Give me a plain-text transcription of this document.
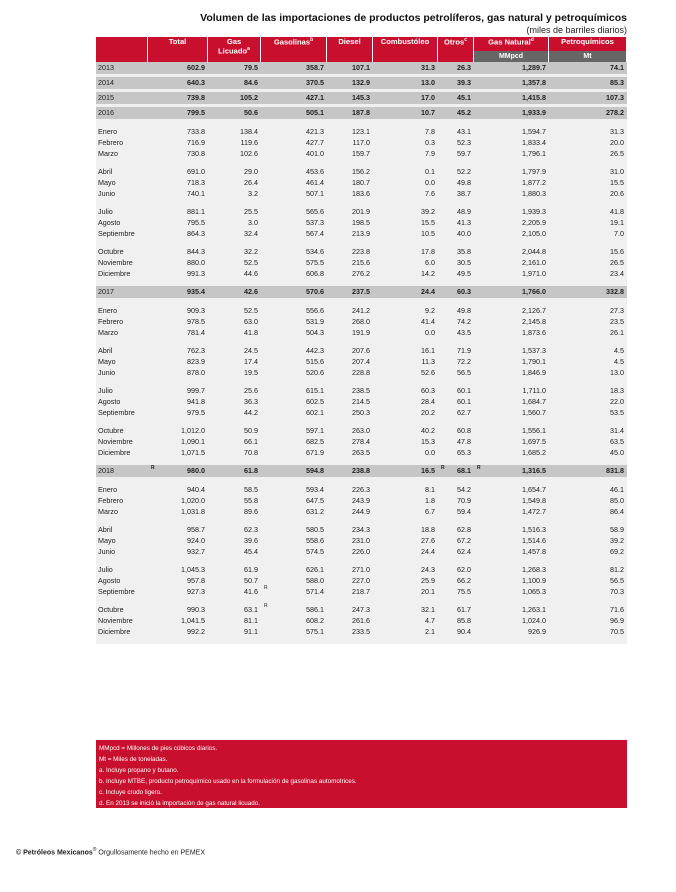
Volumen de las importaciones de productos petrolíferos, gas natural y petroquímicos
(miles de barriles diarios)
	Total	Gas Licuado$^a$	Gasolinas$^b$	Diesel	Combustóleo	Otros$^c$	Gas Natural$^d$	Petroquímicos
							MMpcd	Mt
2013	602.9	79.5	358.7	107.1	31.3	26.3	1,289.7	74.1

2014	640.3	84.6	370.5	132.9	13.0	39.3	1,357.8	85.3

2015	739.8	105.2	427.1	145.3	17.0	45.1	1,415.8	107.3

2016	799.5	50.6	505.1	187.8	10.7	45.2	1,933.9	278.2

Enero	733.8	138.4	421.3	123.1	7.8	43.1	1,594.7	31.3
Febrero	716.9	119.6	427.7	117.0	0.3	52.3	1,833.4	20.0
Marzo	730.8	102.6	401.0	159.7	7.9	59.7	1,796.1	26.5

Abril	691.0	29.0	453.6	156.2	0.1	52.2	1,797.9	31.0
Mayo	718.3	26.4	461.4	180.7	0.0	49.8	1,877.2	15.5
Junio	740.1	3.2	507.1	183.6	7.6	38.7	1,880.3	20.6

Julio	881.1	25.5	565.6	201.9	39.2	48.9	1,939.3	41.8
Agosto	795.5	3.0	537.3	198.5	15.5	41.3	2,205.9	19.1
Septiembre	864.3	32.4	567.4	213.9	10.5	40.0	2,105.0	7.0

Octubre	844.3	32.2	534.6	223.8	17.8	35.8	2,044.8	15.6
Noviembre	880.0	52.5	575.5	215.6	6.0	30.5	2,161.0	26.5
Diciembre	991.3	44.6	606.8	276.2	14.2	49.5	1,971.0	23.4

2017	935.4	42.6	570.6	237.5	24.4	60.3	1,766.0	332.8

Enero	909.3	52.5	556.6	241.2	9.2	49.8	2,126.7	27.3
Febrero	978.5	63.0	531.9	268.0	41.4	74.2	2,145.8	23.5
Marzo	781.4	41.8	504.3	191.9	0.0	43.5	1,873.6	26.1

Abril	762.3	24.5	442.3	207.6	16.1	71.9	1,537.3	4.5
Mayo	823.9	17.4	515.6	207.4	11.3	72.2	1,790.1	4.5
Junio	878.0	19.5	520.6	228.8	52.6	56.5	1,846.9	13.0

Julio	999.7	25.6	615.1	238.5	60.3	60.1	1,711.0	18.3
Agosto	941.8	36.3	602.5	214.5	28.4	60.1	1,684.7	22.0
Septiembre	979.5	44.2	602.1	250.3	20.2	62.7	1,560.7	53.5

Octubre	1,012.0	50.9	597.1	263.0	40.2	60.8	1,556.1	31.4
Noviembre	1,090.1	66.1	682.5	278.4	15.3	47.8	1,697.5	63.5
Diciembre	1,071.5	70.8	671.9	263.5	0.0	65.3	1,685.2	45.0

2018	R 980.0	61.8	594.8	238.8	16.5	R 68.1	R 1,316.5	831.8

Enero	940.4	58.5	593.4	226.3	8.1	54.2	1,654.7	46.1
Febrero	1,020.0	55.8	647.5	243.9	1.8	70.9	1,549.8	85.0
Marzo	1,031.8	89.6	631.2	244.9	6.7	59.4	1,472.7	86.4

Abril	958.7	62.3	580.5	234.3	18.8	62.8	1,516.3	58.9
Mayo	924.0	39.6	558.6	231.0	27.6	67.2	1,514.6	39.2
Junio	932.7	45.4	574.5	226.0	24.4	62.4	1,457.8	69.2

Julio	1,045.3	61.9	626.1	271.0	24.3	62.0	1,268.3	81.2
Agosto	957.8	50.7	588.0	227.0	25.9	66.2	1,100.9	56.5
Septiembre	927.3	41.6	R 571.4	218.7	20.1	75.5	1,065.3	70.3

Octubre	990.3	63.1	R 586.1	247.3	32.1	61.7	1,263.1	71.6
Noviembre	1,041.5	81.1	608.2	261.6	4.7	85.8	1,024.0	96.9
Diciembre	992.2	91.1	575.1	233.5	2.1	90.4	926.9	70.5

MMpcd = Millones de pies cúbicos diarios.
Mt = Miles de toneladas.
a. Incluye propano y butano.
b. Incluye MTBE, producto petroquímico usado en la formulación de gasolinas automotrices.
c. Incluye crudo ligero.
d. En 2013 se inició la importación de gas natural licuado.
© Petróleos Mexicanos® Orgullosamente hecho en PEMEX
